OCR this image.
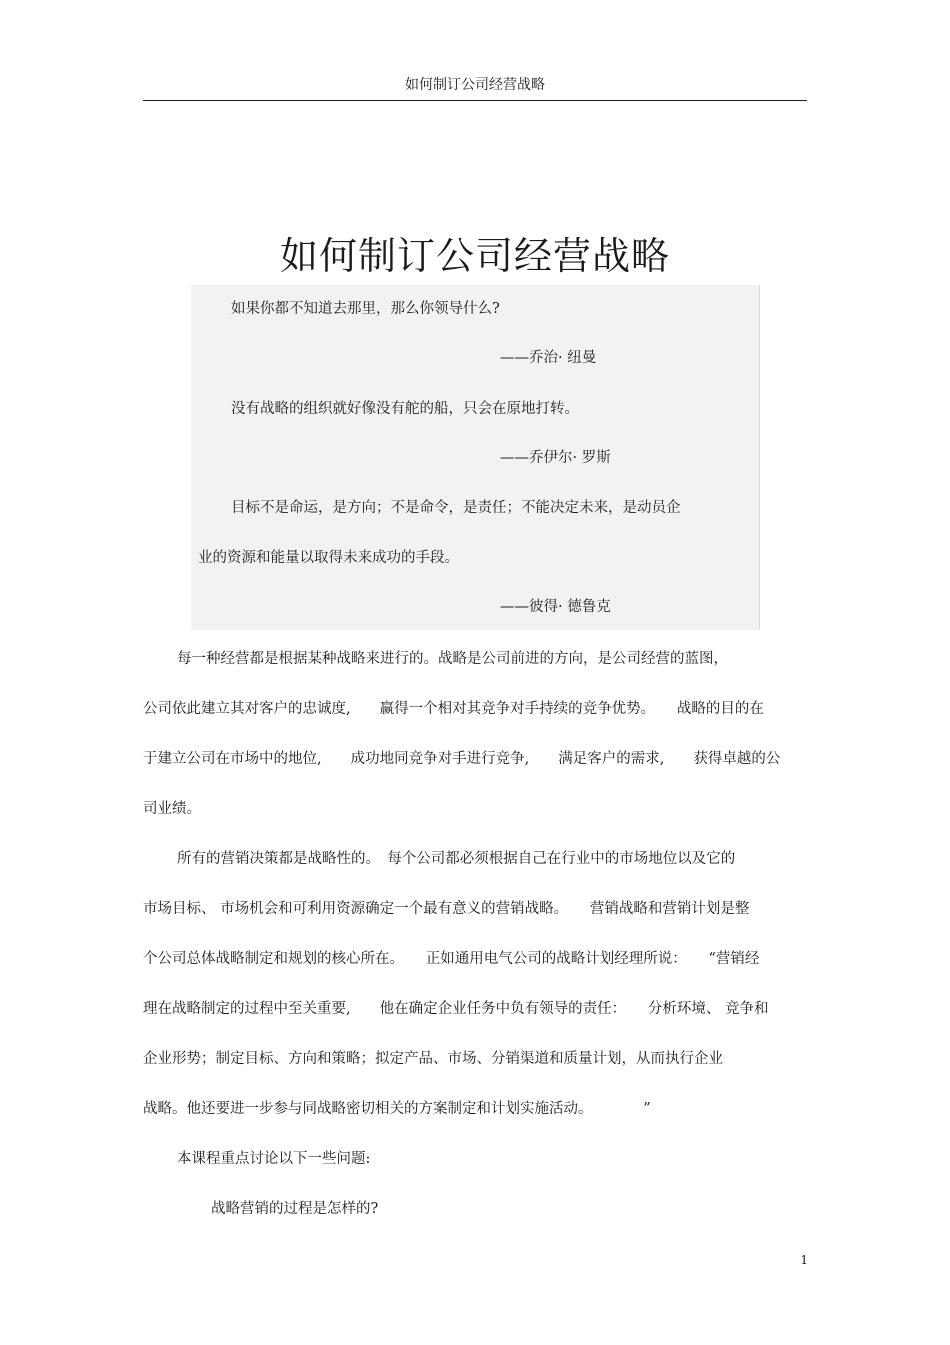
如何制订公司经营战略
如何制订公司经营战略
如果你都不知道去那里，那么你领导什么?
——乔治· 纽曼
没有战略的组织就好像没有舵的船，只会在原地打转。
——乔伊尔· 罗斯
目标不是命运，是方向；不是命令，是责任；不能决定未来，是动员企
业的资源和能量以取得未来成功的手段。
——彼得· 德鲁克
每一种经营都是根据某种战略来进行的。战略是公司前进的方向，是公司经营的蓝图，
公司依此建立其对客户的忠诚度,　　赢得一个相对其竞争对手持续的竞争优势。　　战略的目的在
于建立公司在市场中的地位,　　成功地同竞争对手进行竞争,　　满足客户的需求,　　获得卓越的公
司业绩。
所有的营销决策都是战略性的。　每个公司都必须根据自己在行业中的市场地位以及它的
市场目标、 市场机会和可利用资源确定一个最有意义的营销战略。　　营销战略和营销计划是整
个公司总体战略制定和规划的核心所在。　　正如通用电气公司的战略计划经理所说：　　“营销经
理在战略制定的过程中至关重要,　　他在确定企业任务中负有领导的责任：　　分析环境、 竞争和
企业形势；制定目标、方向和策略；拟定产品、市场、分销渠道和质量计划，从而执行企业
战略。他还要进一步参与同战略密切相关的方案制定和计划实施活动。　　　　”
本课程重点讨论以下一些问题:
战略营销的过程是怎样的?
1
